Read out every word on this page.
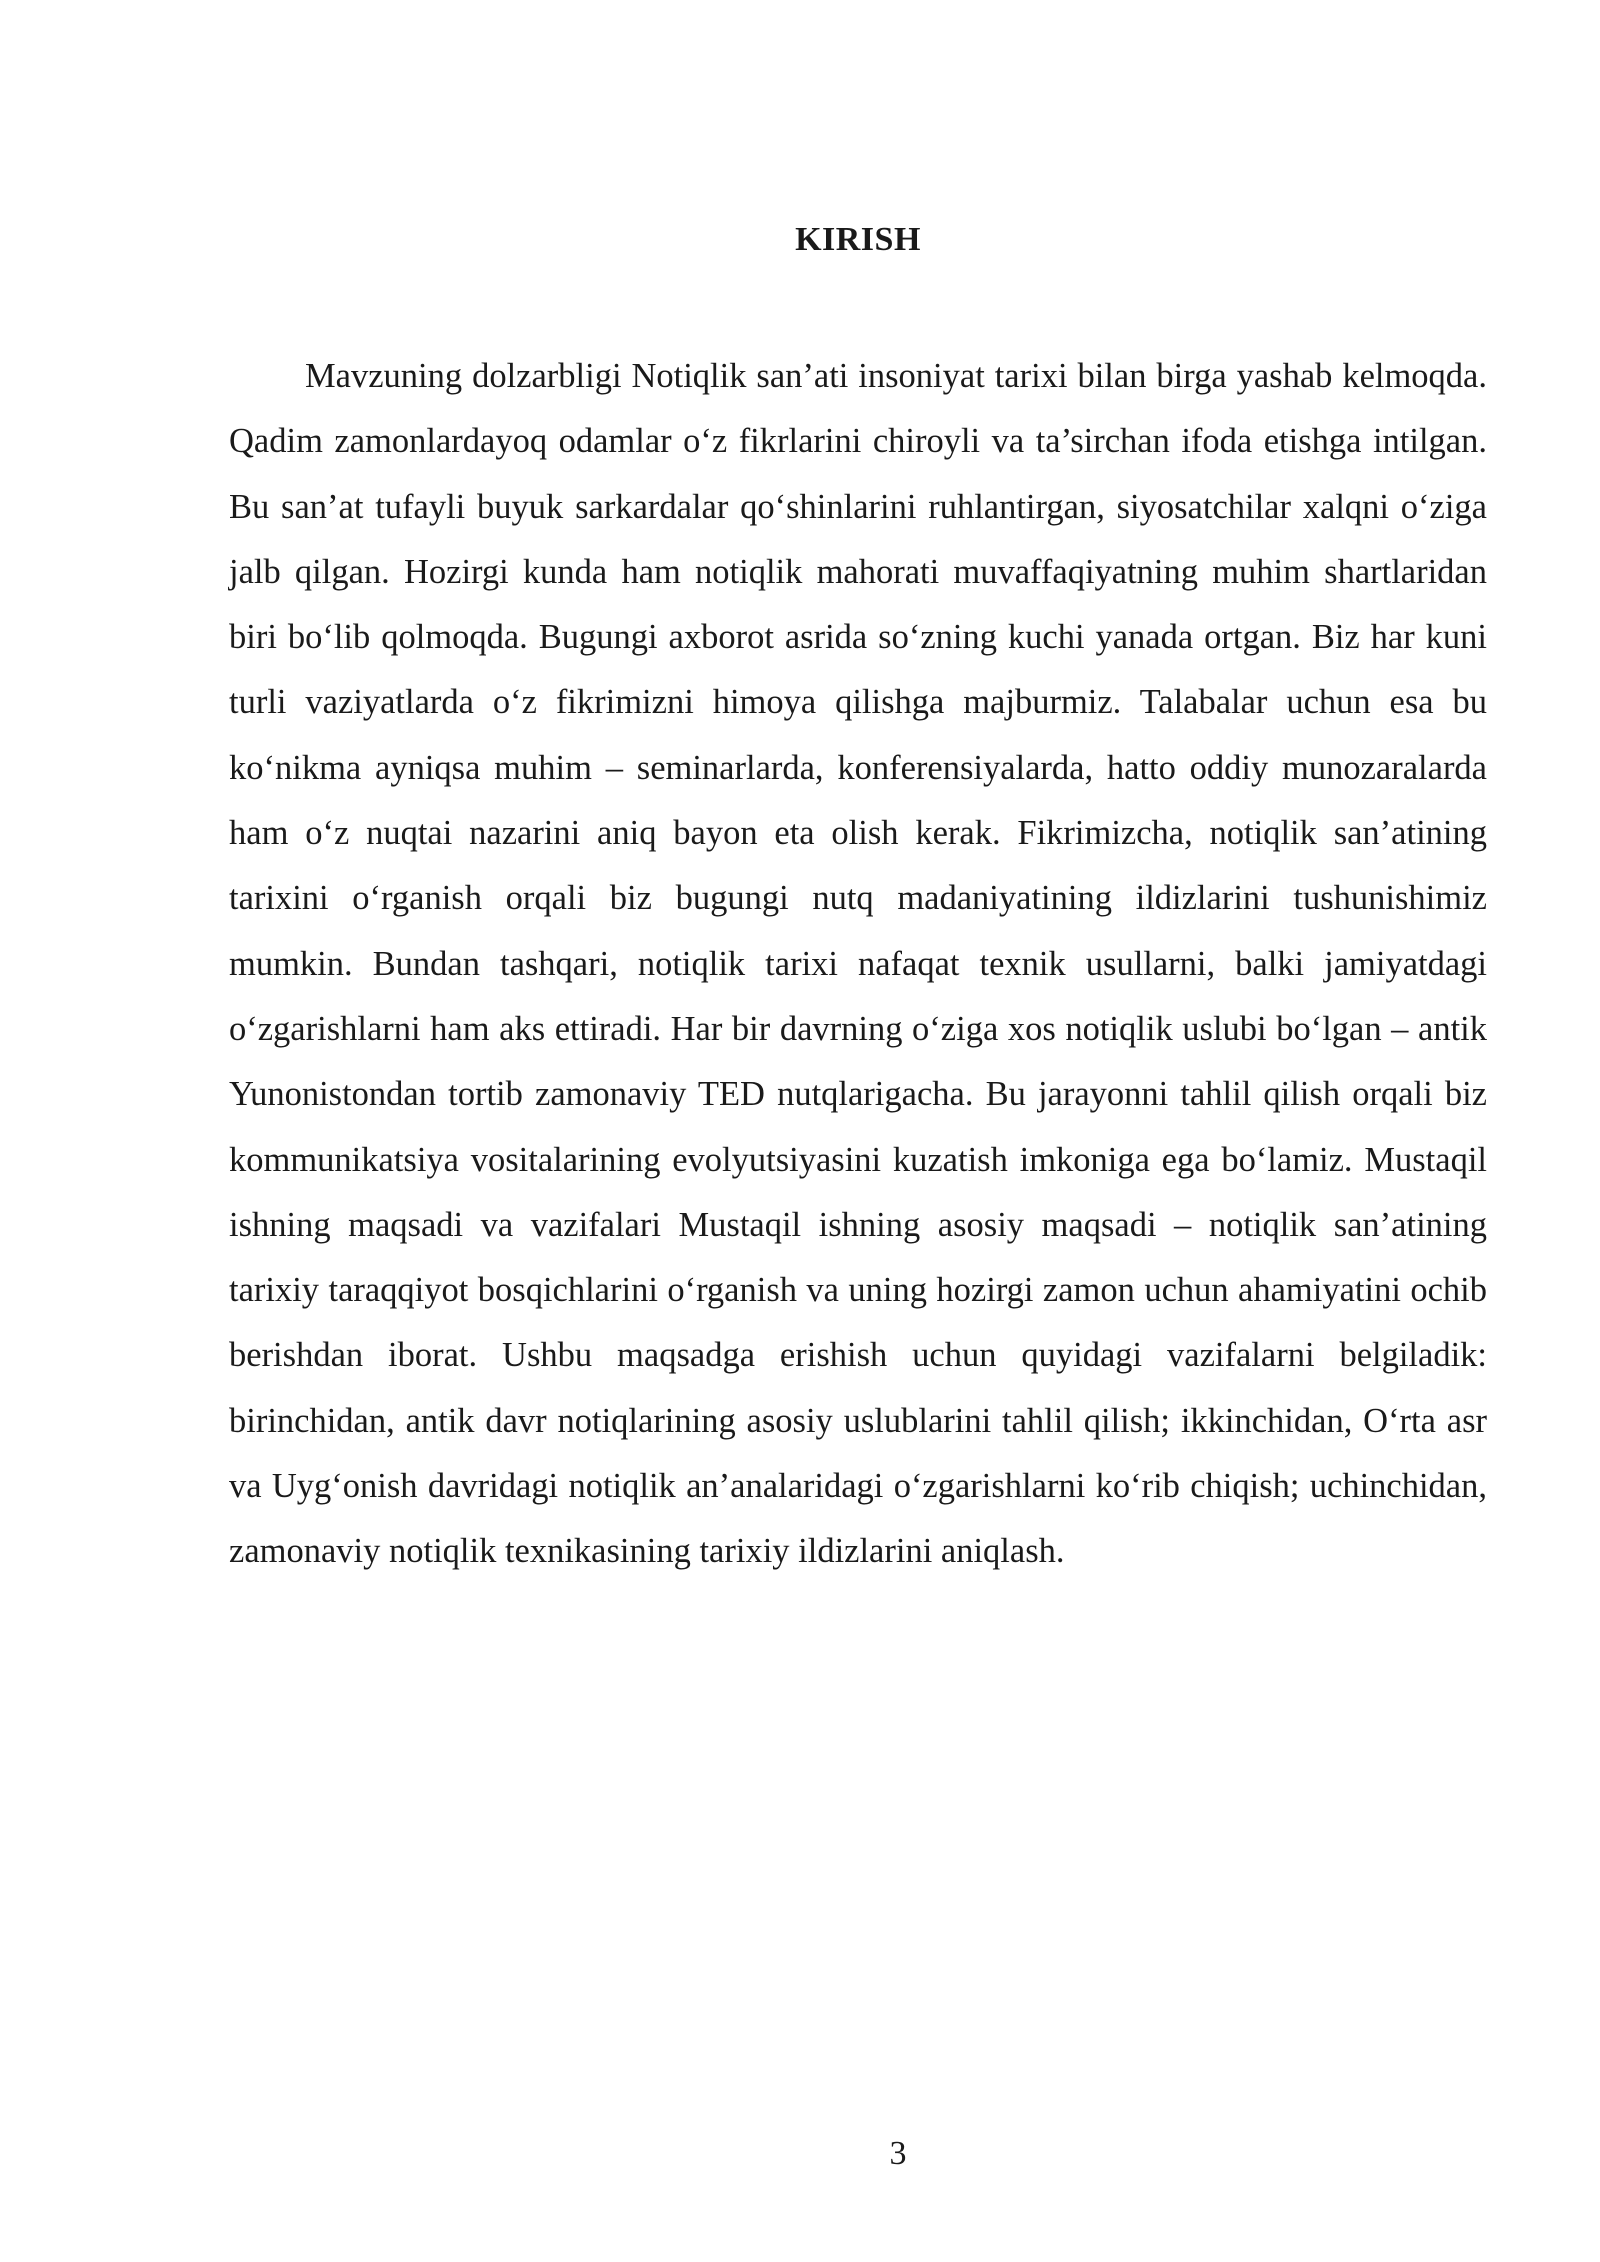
KIRISH

Mavzuning dolzarbligi Notiqlik san’ati insoniyat tarixi bilan birga yashab kelmoqda. Qadim zamonlardayoq odamlar o‘z fikrlarini chiroyli va ta’sirchan ifoda etishga intilgan. Bu san’at tufayli buyuk sarkardalar qo‘shinlarini ruhlantirgan, siyosatchilar xalqni o‘ziga jalb qilgan. Hozirgi kunda ham notiqlik mahorati muvaffaqiyatning muhim shartlaridan biri bo‘lib qolmoqda. Bugungi axborot asrida so‘zning kuchi yanada ortgan. Biz har kuni turli vaziyatlarda o‘z fikrimizni himoya qilishga majburmiz. Talabalar uchun esa bu ko‘nikma ayniqsa muhim – seminarlarda, konferensiyalarda, hatto oddiy munozaralarda ham o‘z nuqtai nazarini aniq bayon eta olish kerak. Fikrimizcha, notiqlik san’atining tarixini o‘rganish orqali biz bugungi nutq madaniyatining ildizlarini tushunishimiz mumkin. Bundan tashqari, notiqlik tarixi nafaqat texnik usullarni, balki jamiyatdagi o‘zgarishlarni ham aks ettiradi. Har bir davrning o‘ziga xos notiqlik uslubi bo‘lgan – antik Yunonistondan tortib zamonaviy TED nutqlarigacha. Bu jarayonni tahlil qilish orqali biz kommunikatsiya vositalarining evolyutsiyasini kuzatish imkoniga ega bo‘lamiz. Mustaqil ishning maqsadi va vazifalari Mustaqil ishning asosiy maqsadi – notiqlik san’atining tarixiy taraqqiyot bosqichlarini o‘rganish va uning hozirgi zamon uchun ahamiyatini ochib berishdan iborat. Ushbu maqsadga erishish uchun quyidagi vazifalarni belgiladik: birinchidan, antik davr notiqlarining asosiy uslublarini tahlil qilish; ikkinchidan, O‘rta asr va Uyg‘onish davridagi notiqlik an’analaridagi o‘zgarishlarni ko‘rib chiqish; uchinchidan, zamonaviy notiqlik texnikasining tarixiy ildizlarini aniqlash.

3
